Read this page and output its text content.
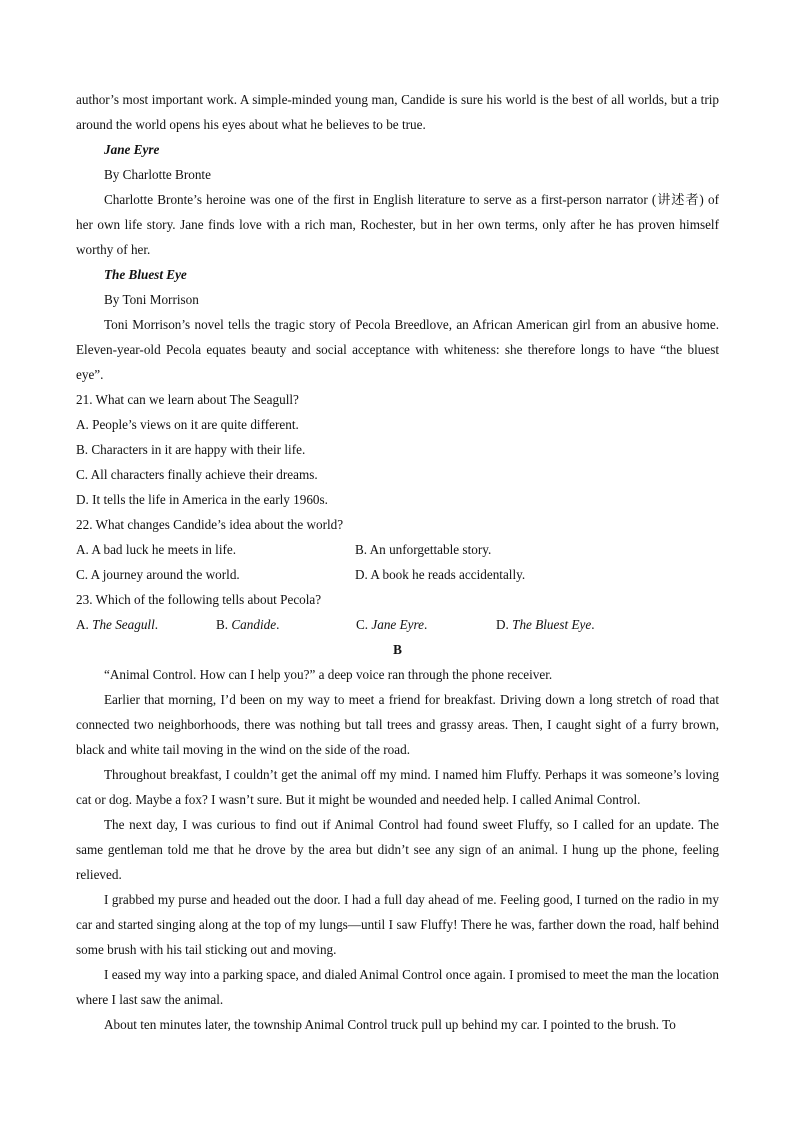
author’s most important work. A simple-minded young man, Candide is sure his world is the best of all worlds, but a trip around the world opens his eyes about what he believes to be true.

Jane Eyre
By Charlotte Bronte

Charlotte Bronte’s heroine was one of the first in English literature to serve as a first-person narrator (讲述者) of her own life story. Jane finds love with a rich man, Rochester, but in her own terms, only after he has proven himself worthy of her.

The Bluest Eye
By Toni Morrison

Toni Morrison’s novel tells the tragic story of Pecola Breedlove, an African American girl from an abusive home. Eleven-year-old Pecola equates beauty and social acceptance with whiteness: she therefore longs to have “the bluest eye”.

21. What can we learn about The Seagull?
A. People’s views on it are quite different.
B. Characters in it are happy with their life.
C. All characters finally achieve their dreams.
D. It tells the life in America in the early 1960s.
22. What changes Candide’s idea about the world?
A. A bad luck he meets in life.	B. An unforgettable story.
C. A journey around the world.	D. A book he reads accidentally.
23. Which of the following tells about Pecola?
A. The Seagull.	B. Candide.	C. Jane Eyre.	D. The Bluest Eye.
B

“Animal Control. How can I help you?” a deep voice ran through the phone receiver.

Earlier that morning, I’d been on my way to meet a friend for breakfast. Driving down a long stretch of road that connected two neighborhoods, there was nothing but tall trees and grassy areas. Then, I caught sight of a furry brown, black and white tail moving in the wind on the side of the road.

Throughout breakfast, I couldn’t get the animal off my mind. I named him Fluffy. Perhaps it was someone’s loving cat or dog. Maybe a fox? I wasn’t sure. But it might be wounded and needed help. I called Animal Control.

The next day, I was curious to find out if Animal Control had found sweet Fluffy, so I called for an update. The same gentleman told me that he drove by the area but didn’t see any sign of an animal. I hung up the phone, feeling relieved.

I grabbed my purse and headed out the door. I had a full day ahead of me. Feeling good, I turned on the radio in my car and started singing along at the top of my lungs—until I saw Fluffy! There he was, farther down the road, half behind some brush with his tail sticking out and moving.

I eased my way into a parking space, and dialed Animal Control once again. I promised to meet the man the location where I last saw the animal.

About ten minutes later, the township Animal Control truck pull up behind my car. I pointed to the brush. To
